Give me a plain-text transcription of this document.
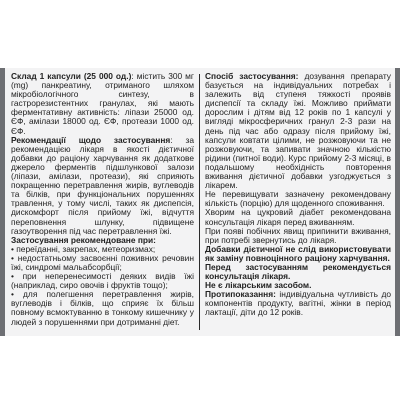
Склад 1 капсули (25 000 од.): містить 300 мг (mg) панкреатину, отриманого шляхом мікробіологічного синтезу, в гастрорезистентних гранулах, які мають ферментативну активність: ліпази 25000 од. ЄФ, амілази 18000 од. ЄФ, протеази 1000 од. ЄФ.

Рекомендації щодо застосування: за рекомендацією лікаря в якості дієтичної добавки до раціону харчування як додаткове джерело ферментів підшлункової залози (ліпази, амілази, протеази), які сприяють покращенню перетравлення жирів, вуглеводів та білків, при функціональних порушеннях травлення, у тому числі, таких як диспепсія, дискомфорт після прийому їжі, відчуття переповнення шлунку, підвищене газоутворення під час перетравлення їжі.

Застосування рекомендоване при:

• переїданні, закрепах, метеоризмах;
• недостатньому засвоєнні поживних речовин їжі, синдромі мальабсорбції;
• при неперенесимості деяких видів їжі (наприклад, сиро овочів і фруктів тощо);
• для полегшення перетравлення жирів, вуглеводів і білків, що сприяє їх більш повному всмоктуванню в тонкому кишечнику у людей з порушеннями при дотриманні діет.

Спосіб застосування: дозування препарату базується на індивідуальних потребах і залежить від ступеня тяжкості проявів диспепсії та складу їжі. Можливо приймати дорослим і дітям від 12 років по 1 капсулі у вигляді мікросферичних гранул 2-3 рази на день під час або одразу після прийому їжі, капсули ковтати цілими, не розжовуючи та не розжовуючи, та запивати значною кількістю рідини (питної води). Курс прийому 2-3 місяці, в подальшому необхідність повторення вживання дієтичної добавки узгоджується з лікарем.

Не перевищувати зазначену рекомендовану кількість (порцію) для щоденного споживання.

Хворим на цукровий діабет рекомендована консультація лікаря перед вживанням.

При появі побічних явищ припинити вживання, при потребі звернутись до лікаря.

Добавки дієтичної не слід використовувати як заміну повноцінного раціону харчування.

Перед застосуванням рекомендується консультація лікаря.

Не є лікарським засобом.

Протипоказання: індивідуальна чутливість до компонентів продукту, вагітні, жінки в період лактації, діти до 12 років.
